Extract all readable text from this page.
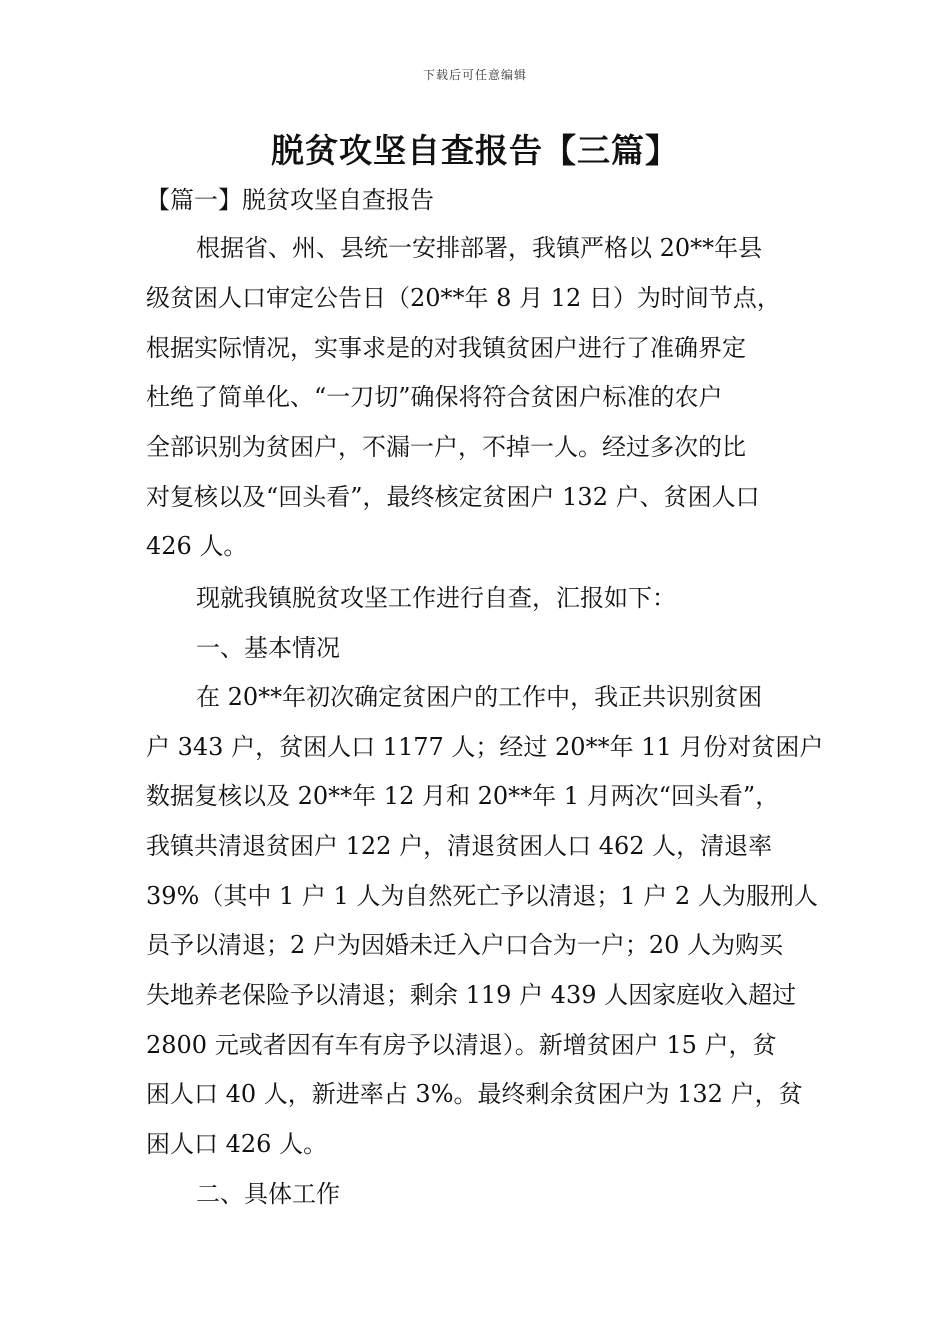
下载后可任意编辑
脱贫攻坚自查报告【三篇】
【篇一】脱贫攻坚自查报告
根据省、州、县统一安排部署，我镇严格以 20**年县
级贫困人口审定公告日（20**年 8 月 12 日）为时间节点，
根据实际情况，实事求是的对我镇贫困户进行了准确界定
杜绝了简单化、“一刀切”确保将符合贫困户标准的农户
全部识别为贫困户，不漏一户，不掉一人。经过多次的比
对复核以及“回头看”，最终核定贫困户 132 户、贫困人口
426 人。
现就我镇脱贫攻坚工作进行自查，汇报如下：
一、基本情况
在 20**年初次确定贫困户的工作中，我正共识别贫困
户 343 户，贫困人口 1177 人；经过 20**年 11 月份对贫困户
数据复核以及 20**年 12 月和 20**年 1 月两次“回头看”，
我镇共清退贫困户 122 户，清退贫困人口 462 人，清退率
39%（其中 1 户 1 人为自然死亡予以清退；1 户 2 人为服刑人
员予以清退；2 户为因婚未迁入户口合为一户；20 人为购买
失地养老保险予以清退；剩余 119 户 439 人因家庭收入超过
2800 元或者因有车有房予以清退）。新增贫困户 15 户，贫
困人口 40 人，新进率占 3%。最终剩余贫困户为 132 户，贫
困人口 426 人。
二、具体工作
